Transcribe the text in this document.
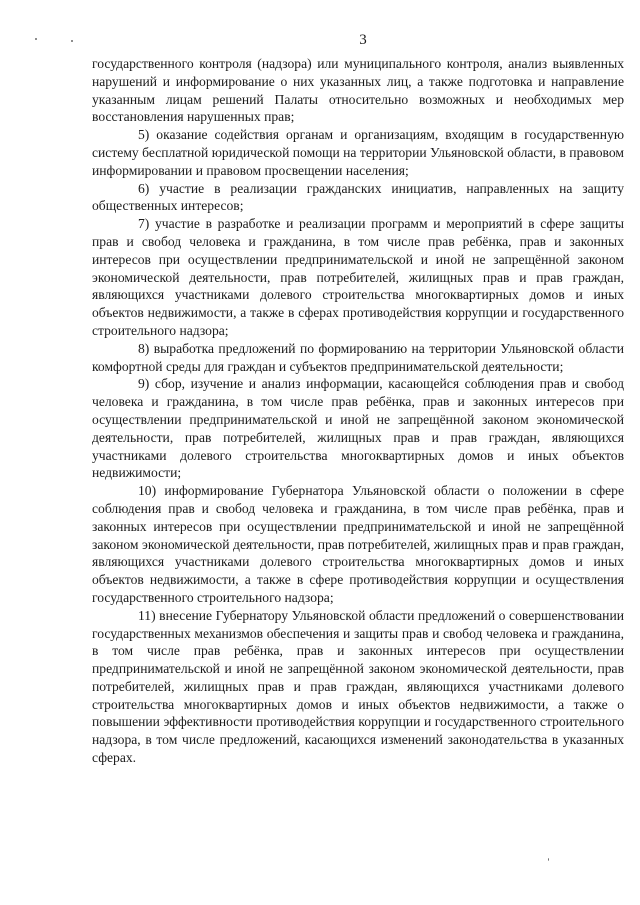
3

государственного контроля (надзора) или муниципального контроля, анализ выявленных нарушений и информирование о них указанных лиц, а также подготовка и направление указанным лицам решений Палаты относительно возможных и необходимых мер восстановления нарушенных прав;

5) оказание содействия органам и организациям, входящим в государственную систему бесплатной юридической помощи на территории Ульяновской области, в правовом информировании и правовом просвещении населения;

6) участие в реализации гражданских инициатив, направленных на защиту общественных интересов;

7) участие в разработке и реализации программ и мероприятий в сфере защиты прав и свобод человека и гражданина, в том числе прав ребёнка, прав и законных интересов при осуществлении предпринимательской и иной не запрещённой законом экономической деятельности, прав потребителей, жилищных прав и прав граждан, являющихся участниками долевого строительства многоквартирных домов и иных объектов недвижимости, а также в сферах противодействия коррупции и государственного строительного надзора;

8) выработка предложений по формированию на территории Ульяновской области комфортной среды для граждан и субъектов предпринимательской деятельности;

9) сбор, изучение и анализ информации, касающейся соблюдения прав и свобод человека и гражданина, в том числе прав ребёнка, прав и законных интересов при осуществлении предпринимательской и иной не запрещённой законом экономической деятельности, прав потребителей, жилищных прав и прав граждан, являющихся участниками долевого строительства многоквартирных домов и иных объектов недвижимости;

10) информирование Губернатора Ульяновской области о положении в сфере соблюдения прав и свобод человека и гражданина, в том числе прав ребёнка, прав и законных интересов при осуществлении предпринимательской и иной не запрещённой законом экономической деятельности, прав потребителей, жилищных прав и прав граждан, являющихся участниками долевого строительства многоквартирных домов и иных объектов недвижимости, а также в сфере противодействия коррупции и осуществления государственного строительного надзора;

11) внесение Губернатору Ульяновской области предложений о совершенствовании государственных механизмов обеспечения и защиты прав и свобод человека и гражданина, в том числе прав ребёнка, прав и законных интересов при осуществлении предпринимательской и иной не запрещённой законом экономической деятельности, прав потребителей, жилищных прав и прав граждан, являющихся участниками долевого строительства многоквартирных домов и иных объектов недвижимости, а также о повышении эффективности противодействия коррупции и государственного строительного надзора, в том числе предложений, касающихся изменений законодательства в указанных сферах.
